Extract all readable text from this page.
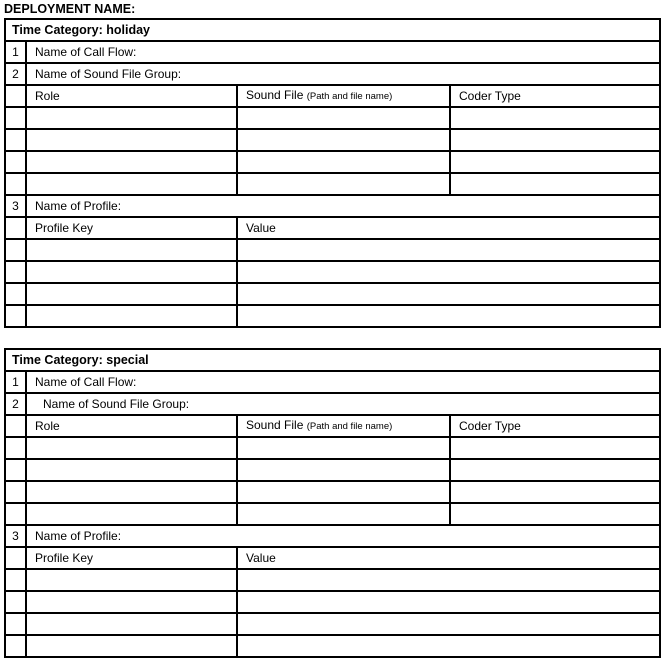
DEPLOYMENT NAME:
Time Category: holiday			
1	Name of Call Flow:		
2	Name of Sound File Group:		
	Role	Sound File (Path and file name)	Coder Type

3	Name of Profile:		
	Profile Key	Value	

Time Category: special			
1	Name of Call Flow:		
2	Name of Sound File Group:		
	Role	Sound File (Path and file name)	Coder Type

3	Name of Profile:		
	Profile Key	Value	
